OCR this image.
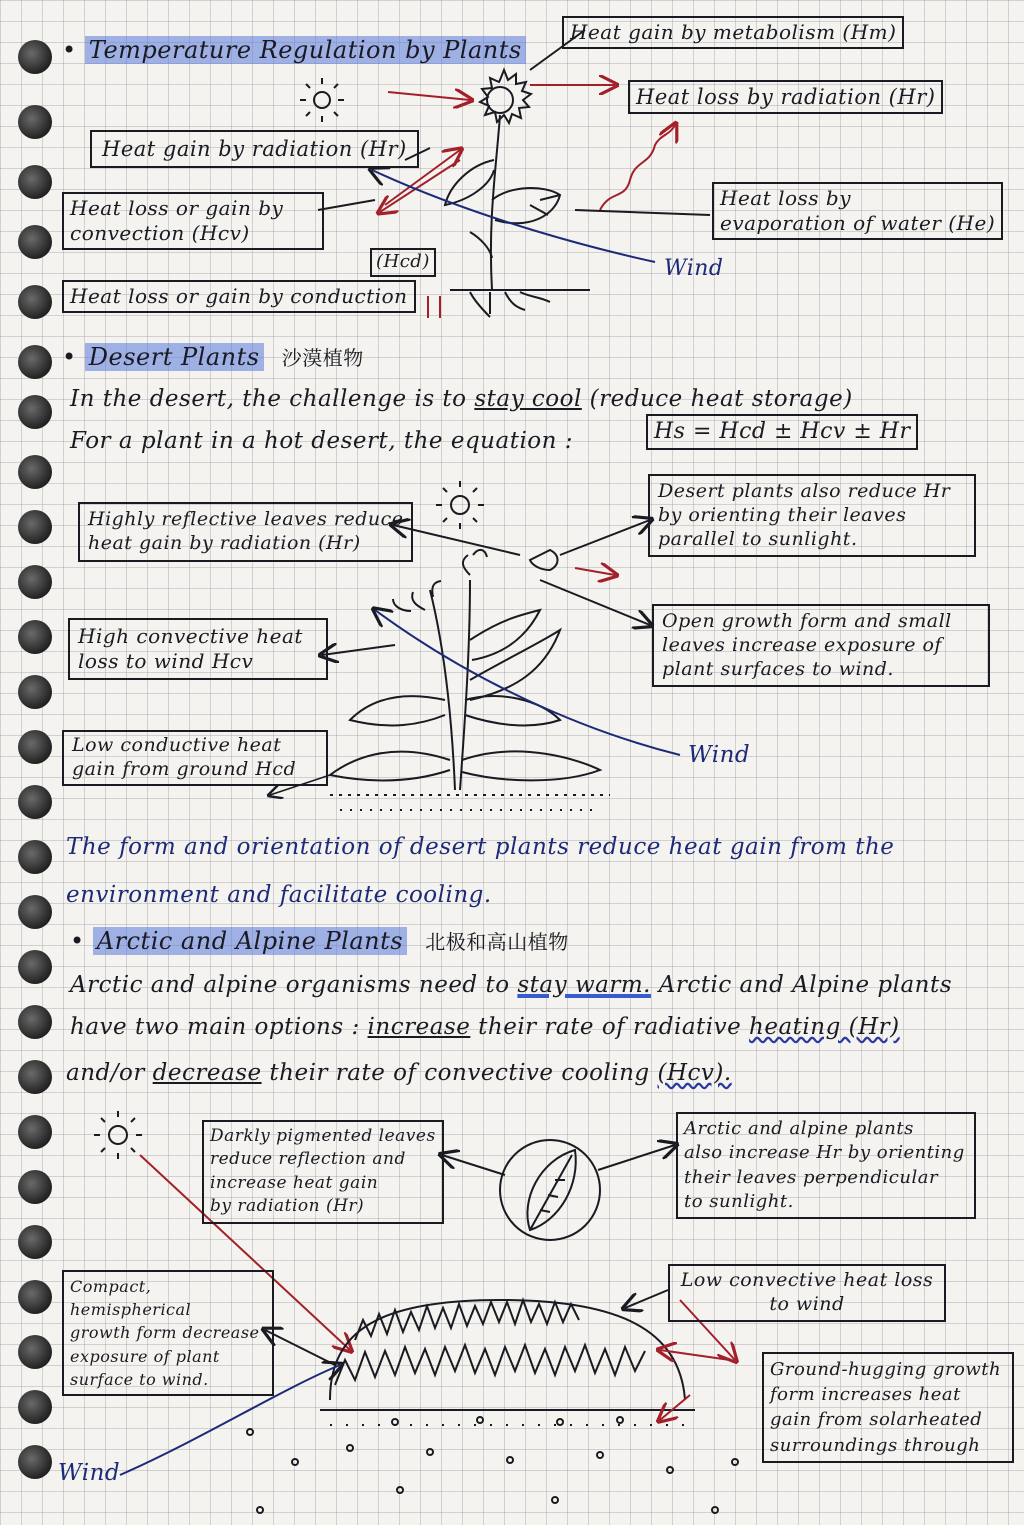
• Temperature Regulation by Plants
Heat gain by metabolism (Hm)
Heat loss by radiation (Hr)
Heat gain by radiation (Hr)
Heat loss or gain by
convection (Hcv)
Heat loss by
evaporation of water (He)
(Hcd)
Heat loss or gain by conduction
Wind
• Desert Plants 沙漠植物
In the desert, the challenge is to stay cool (reduce heat storage)
For a plant in a hot desert, the equation :	Hs = Hcd ± Hcv ± Hr
Highly reflective leaves reduce
heat gain by radiation (Hr)
Desert plants also reduce Hr
by orienting their leaves
parallel to sunlight.
High convective heat
loss to wind Hcv
Open growth form and small
leaves increase exposure of
plant surfaces to wind.
Low conductive heat
gain from ground Hcd
Wind
The form and orientation of desert plants reduce heat gain from the
environment and facilitate cooling.
• Arctic and Alpine Plants 北极和高山植物
Arctic and alpine organisms need to stay warm. Arctic and Alpine plants
have two main options : increase their rate of radiative heating (Hr)
and/or decrease their rate of convective cooling (Hcv).
Darkly pigmented leaves
reduce reflection and
increase heat gain
by radiation (Hr)
Arctic and alpine plants
also increase Hr by orienting
their leaves perpendicular
to sunlight.
Compact, hemispherical
growth form decrease
exposure of plant
surface to wind.
Low convective heat loss
to wind
Ground-hugging growth
form increases heat
gain from solarheated
surroundings through
Wind
